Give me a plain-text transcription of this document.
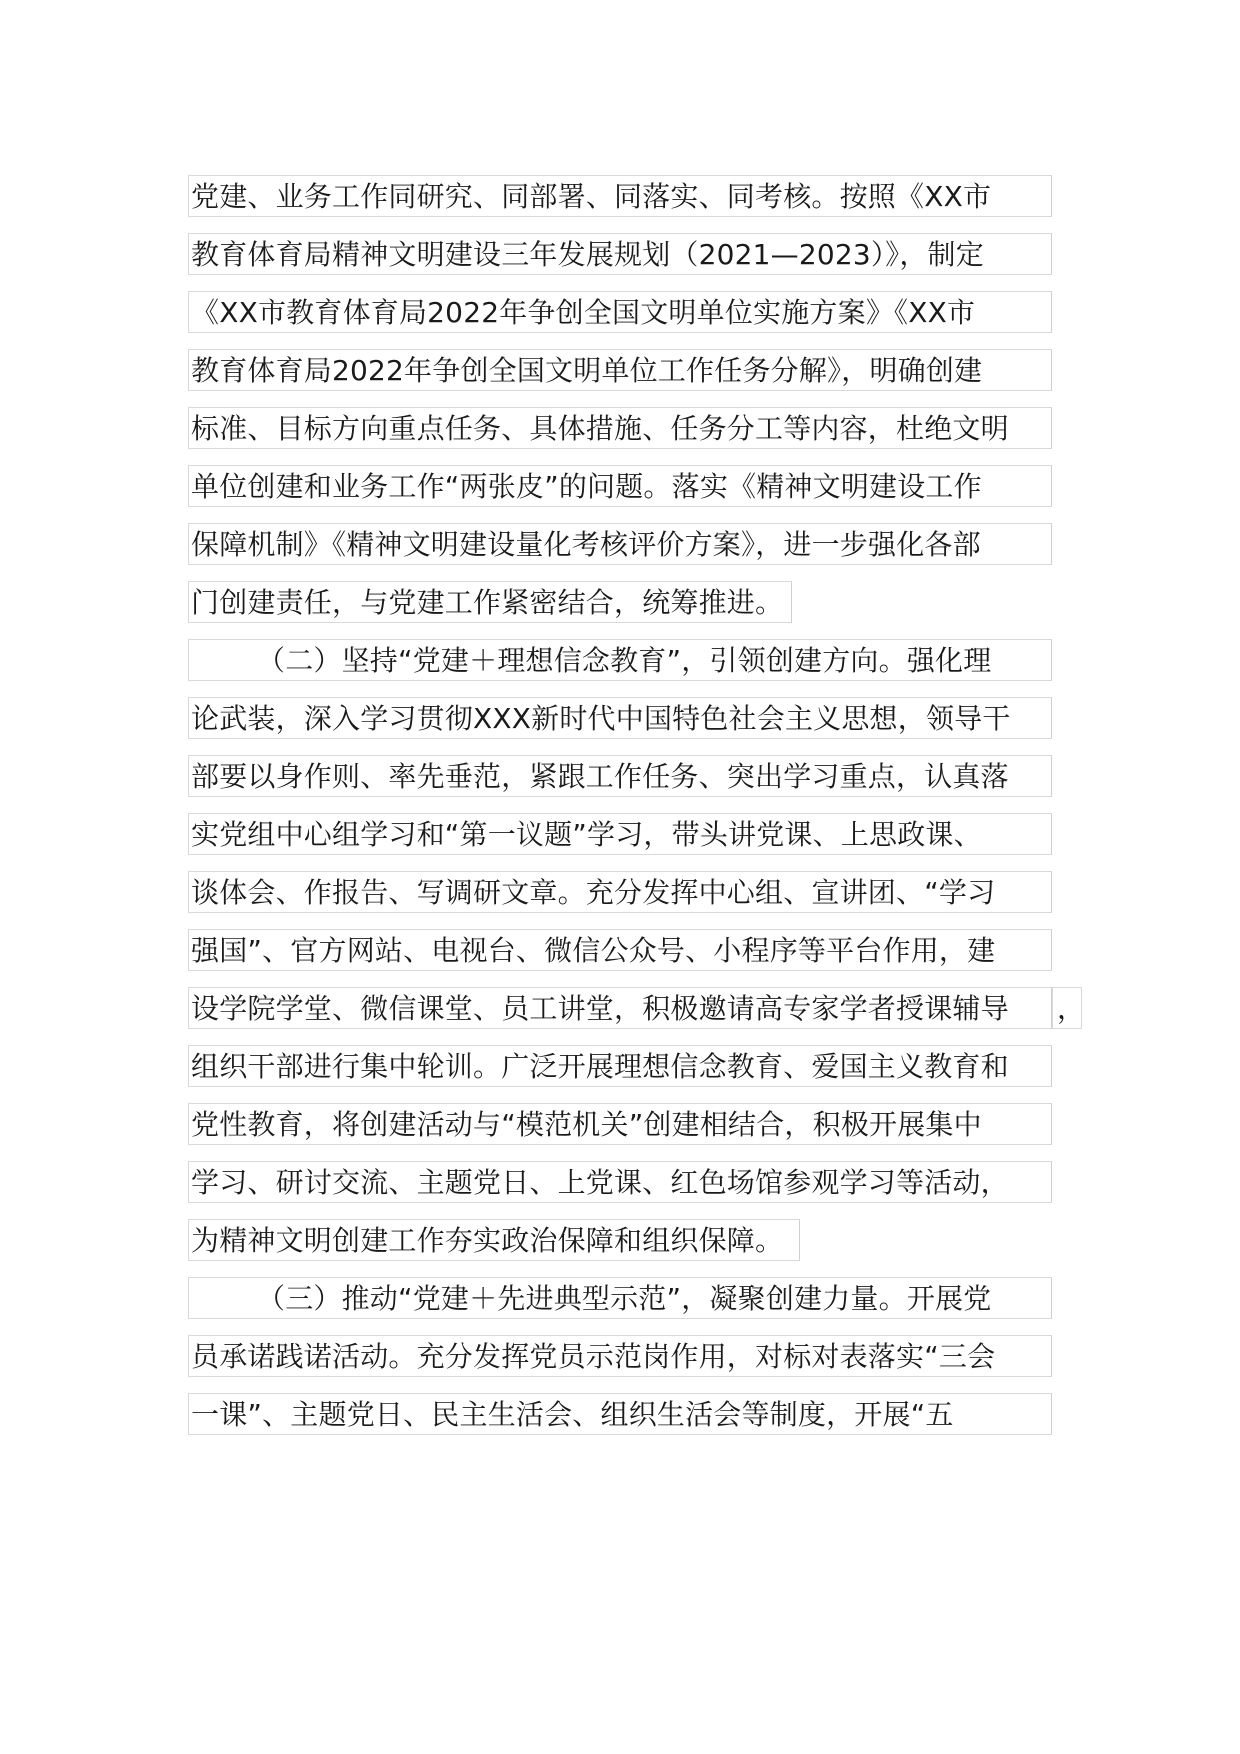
党建、业务工作同研究、同部署、同落实、同考核。按照《XX市
教育体育局精神文明建设三年发展规划（2021—2023）》，制定
《XX市教育体育局2022年争创全国文明单位实施方案》《XX市
教育体育局2022年争创全国文明单位工作任务分解》，明确创建
标准、目标方向重点任务、具体措施、任务分工等内容，杜绝文明
单位创建和业务工作“两张皮”的问题。落实《精神文明建设工作
保障机制》《精神文明建设量化考核评价方案》，进一步强化各部
门创建责任，与党建工作紧密结合，统筹推进。
（二）坚持“党建＋理想信念教育”，引领创建方向。强化理
论武装，深入学习贯彻XXX新时代中国特色社会主义思想，领导干
部要以身作则、率先垂范，紧跟工作任务、突出学习重点，认真落
实党组中心组学习和“第一议题”学习，带头讲党课、上思政课、
谈体会、作报告、写调研文章。充分发挥中心组、宣讲团、“学习
强国”、官方网站、电视台、微信公众号、小程序等平台作用，建
设学院学堂、微信课堂、员工讲堂，积极邀请高专家学者授课辅导	，
组织干部进行集中轮训。广泛开展理想信念教育、爱国主义教育和
党性教育，将创建活动与“模范机关”创建相结合，积极开展集中
学习、研讨交流、主题党日、上党课、红色场馆参观学习等活动，
为精神文明创建工作夯实政治保障和组织保障。
（三）推动“党建＋先进典型示范”，凝聚创建力量。开展党
员承诺践诺活动。充分发挥党员示范岗作用，对标对表落实“三会
一课”、主题党日、民主生活会、组织生活会等制度，开展“五
